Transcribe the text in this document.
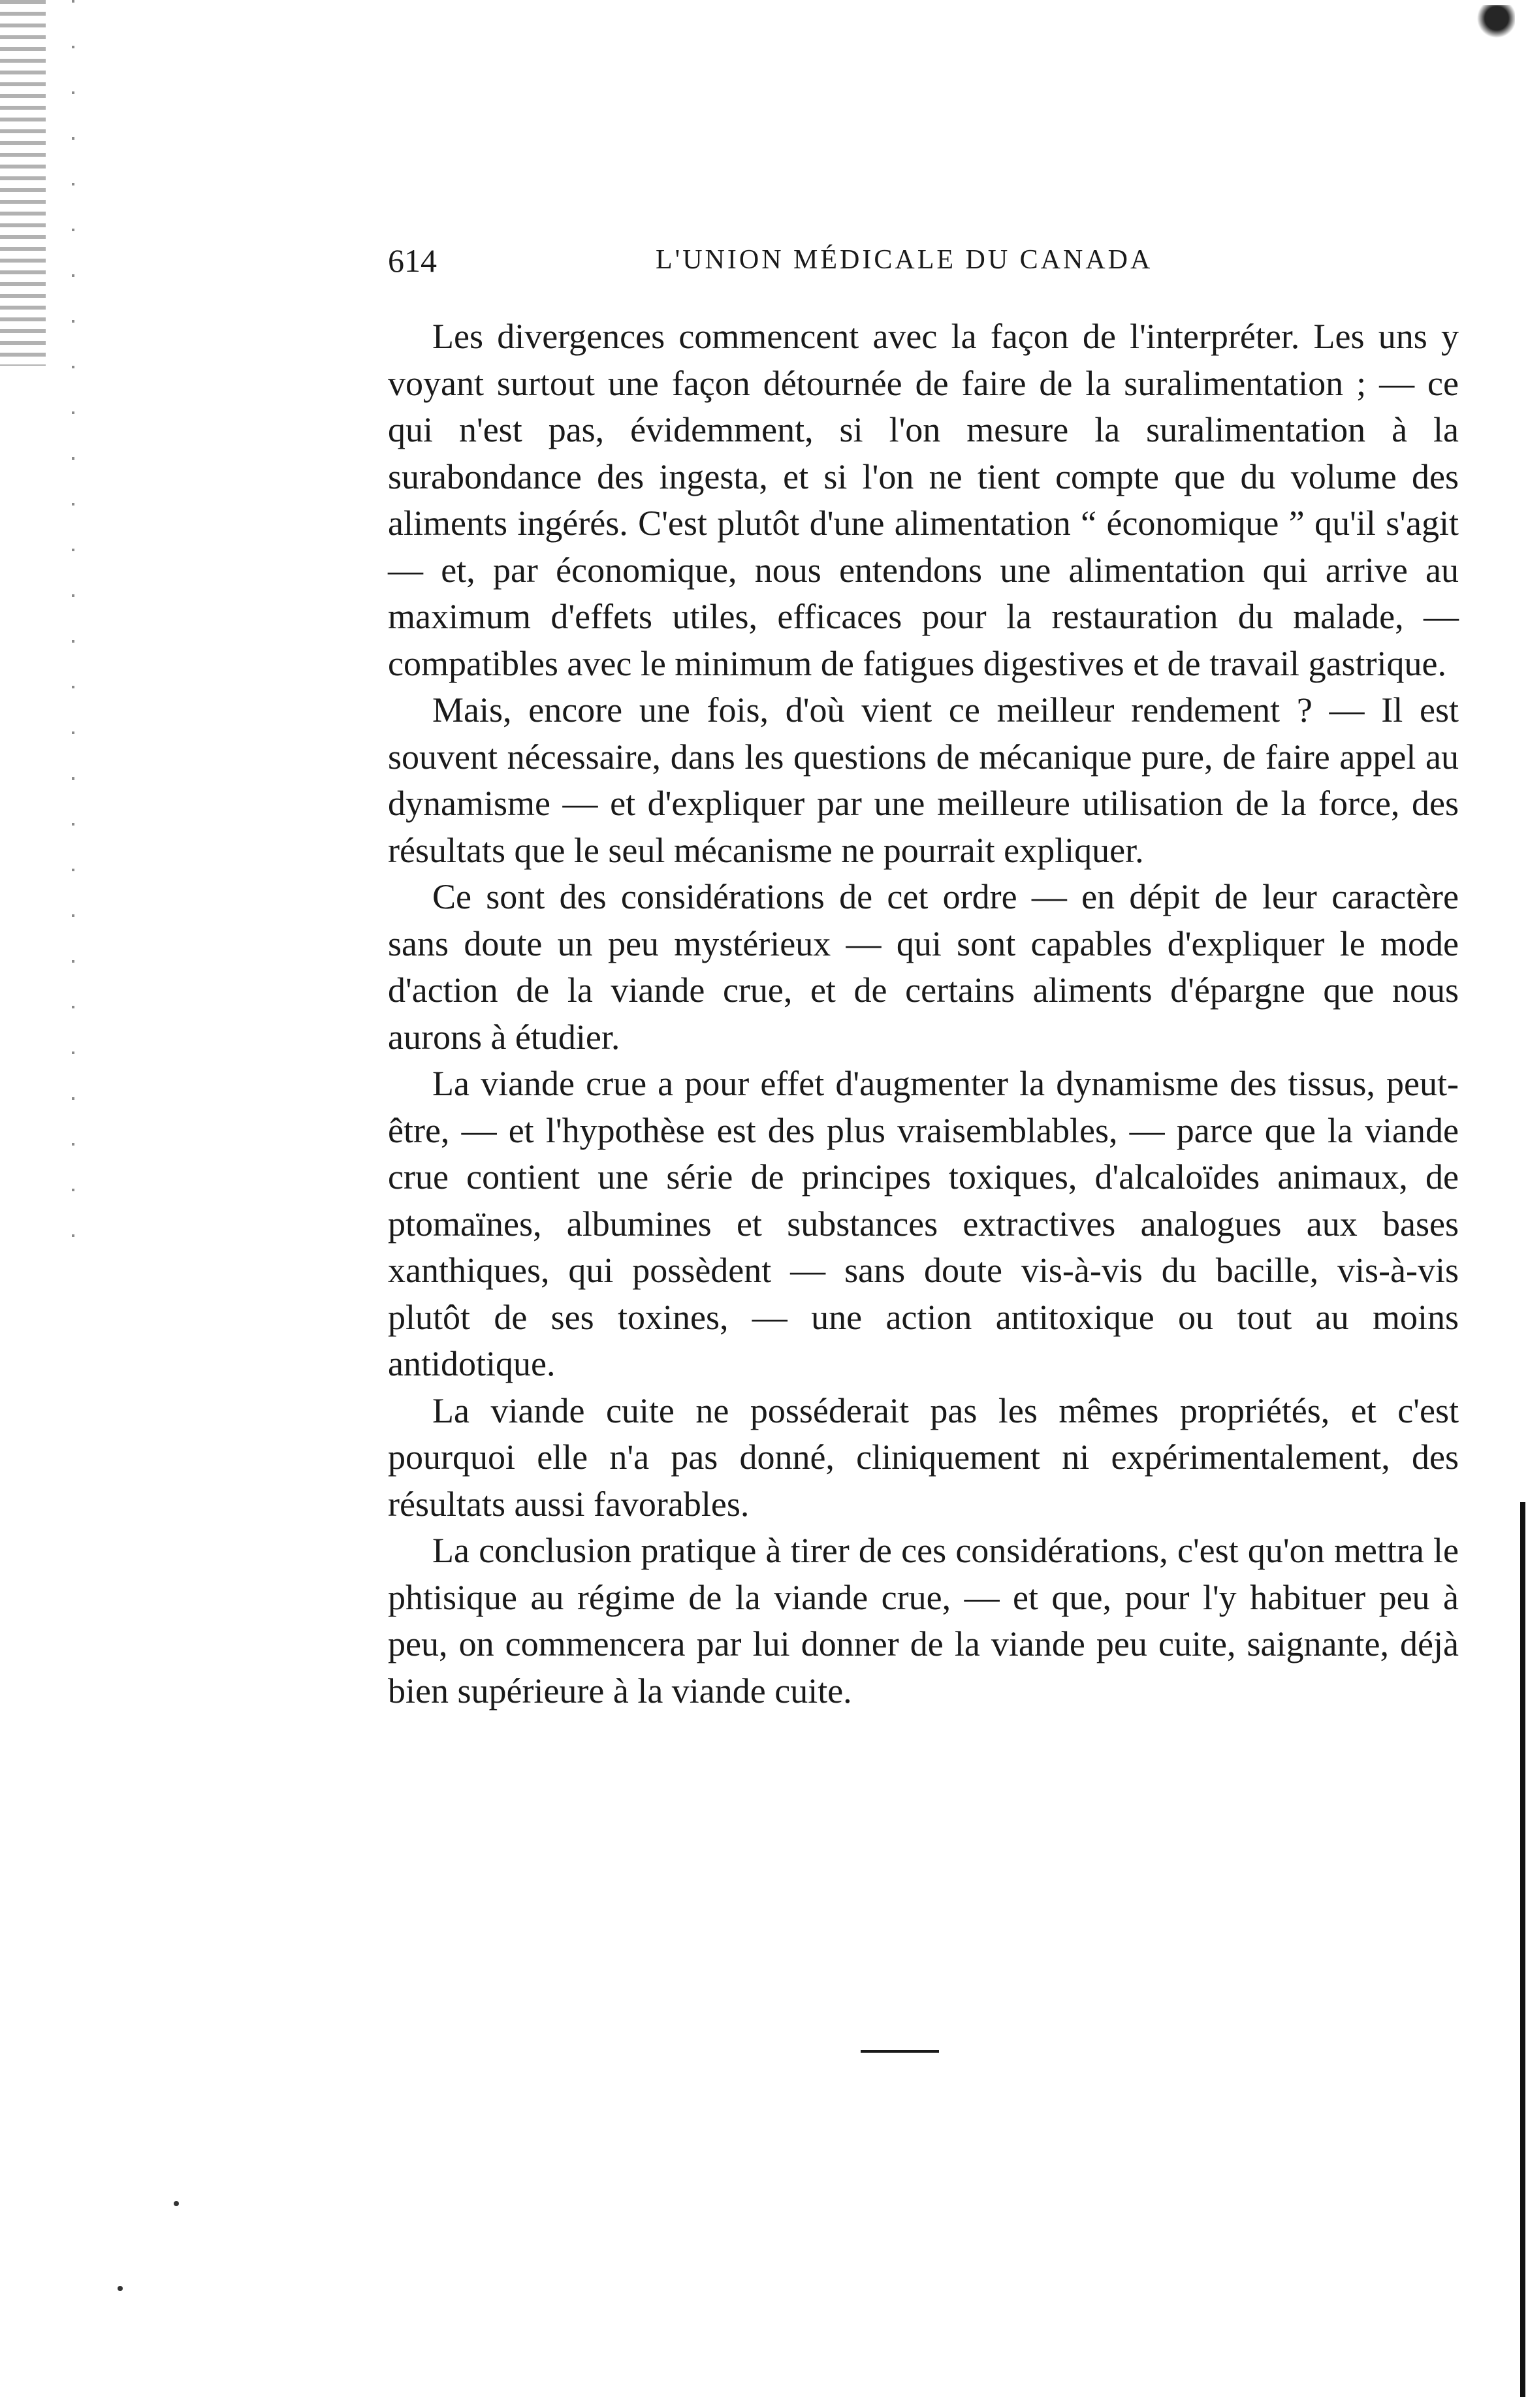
614	L'UNION MÉDICALE DU CANADA

Les divergences commencent avec la façon de l'interpréter. Les uns y voyant surtout une façon détournée de faire de la suralimentation ; — ce qui n'est pas, évidemment, si l'on mesure la suralimentation à la surabondance des ingesta, et si l'on ne tient compte que du volume des aliments ingérés. C'est plutôt d'une alimentation “ économique ” qu'il s'agit — et, par économique, nous entendons une alimentation qui arrive au maximum d'effets utiles, efficaces pour la restauration du malade, — compatibles avec le minimum de fatigues digestives et de travail gastrique.

Mais, encore une fois, d'où vient ce meilleur rendement ? — Il est souvent nécessaire, dans les questions de mécanique pure, de faire appel au dynamisme — et d'expliquer par une meilleure utilisation de la force, des résultats que le seul mécanisme ne pourrait expliquer.

Ce sont des considérations de cet ordre — en dépit de leur caractère sans doute un peu mystérieux — qui sont capables d'expliquer le mode d'action de la viande crue, et de certains aliments d'épargne que nous aurons à étudier.

La viande crue a pour effet d'augmenter la dynamisme des tissus, peut-être, — et l'hypothèse est des plus vraisemblables, — parce que la viande crue contient une série de principes toxiques, d'alcaloïdes animaux, de ptomaïnes, albumines et substances extractives analogues aux bases xanthiques, qui possèdent — sans doute vis-à-vis du bacille, vis-à-vis plutôt de ses toxines, — une action antitoxique ou tout au moins antidotique.

La viande cuite ne posséderait pas les mêmes propriétés, et c'est pourquoi elle n'a pas donné, cliniquement ni expérimentalement, des résultats aussi favorables.

La conclusion pratique à tirer de ces considérations, c'est qu'on mettra le phtisique au régime de la viande crue, — et que, pour l'y habituer peu à peu, on commencera par lui donner de la viande peu cuite, saignante, déjà bien supérieure à la viande cuite.
